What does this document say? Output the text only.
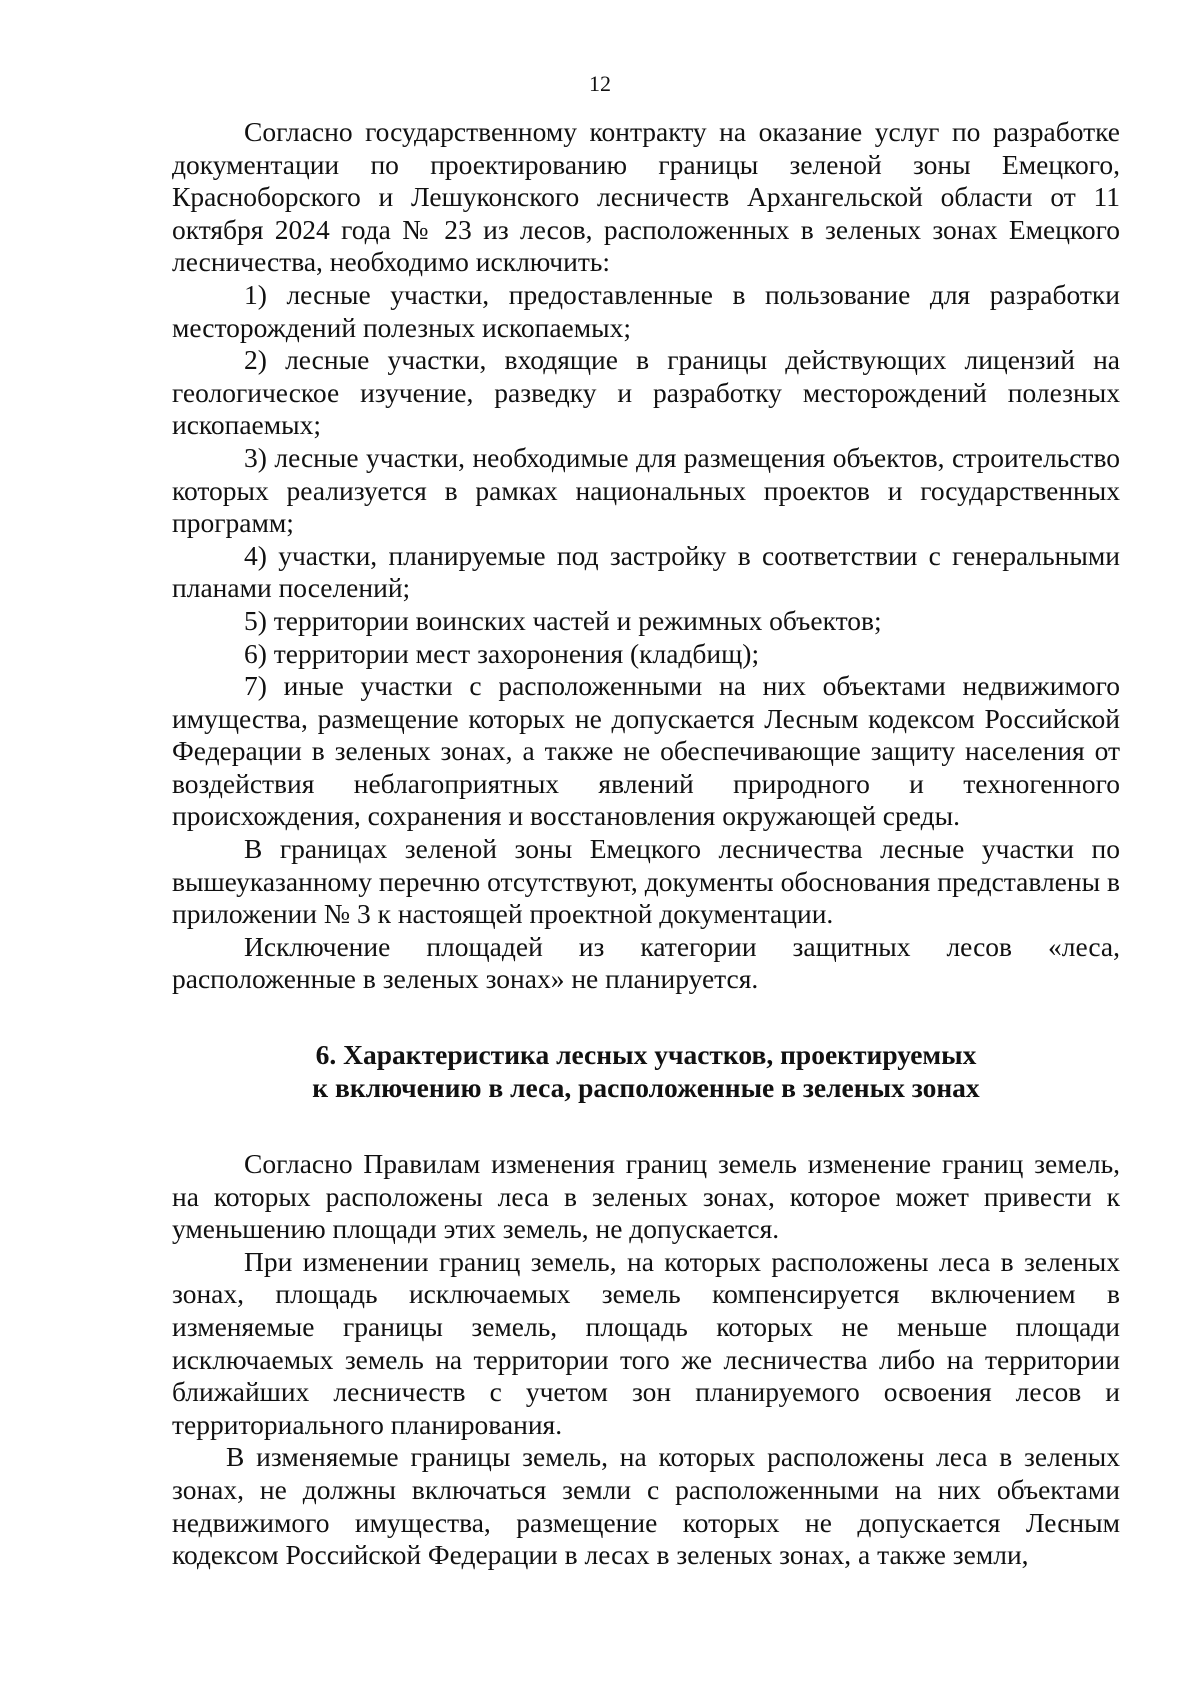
12

Согласно государственному контракту на оказание услуг по разработке документации по проектированию границы зеленой зоны Емецкого, Красноборского и Лешуконского лесничеств Архангельской области от 11 октября 2024 года № 23 из лесов, расположенных в зеленых зонах Емецкого лесничества, необходимо исключить:

1) лесные участки, предоставленные в пользование для разработки месторождений полезных ископаемых;

2) лесные участки, входящие в границы действующих лицензий на геологическое изучение, разведку и разработку месторождений полезных ископаемых;

3) лесные участки, необходимые для размещения объектов, строительство которых реализуется в рамках национальных проектов и государственных программ;

4) участки, планируемые под застройку в соответствии с генеральными планами поселений;

5) территории воинских частей и режимных объектов;

6) территории мест захоронения (кладбищ);

7) иные участки с расположенными на них объектами недвижимого имущества, размещение которых не допускается Лесным кодексом Российской Федерации в зеленых зонах, а также не обеспечивающие защиту населения от воздействия неблагоприятных явлений природного и техногенного происхождения, сохранения и восстановления окружающей среды.

В границах зеленой зоны Емецкого лесничества лесные участки по вышеуказанному перечню отсутствуют, документы обоснования представлены в приложении № 3 к настоящей проектной документации.

Исключение площадей из категории защитных лесов «леса, расположенные в зеленых зонах» не планируется.

6. Характеристика лесных участков, проектируемых
к включению в леса, расположенные в зеленых зонах

Согласно Правилам изменения границ земель изменение границ земель, на которых расположены леса в зеленых зонах, которое может привести к уменьшению площади этих земель, не допускается.

При изменении границ земель, на которых расположены леса в зеленых зонах, площадь исключаемых земель компенсируется включением в изменяемые границы земель, площадь которых не меньше площади исключаемых земель на территории того же лесничества либо на территории ближайших лесничеств с учетом зон планируемого освоения лесов и территориального планирования.

В изменяемые границы земель, на которых расположены леса в зеленых зонах, не должны включаться земли с расположенными на них объектами недвижимого имущества, размещение которых не допускается Лесным кодексом Российской Федерации в лесах в зеленых зонах, а также земли,
